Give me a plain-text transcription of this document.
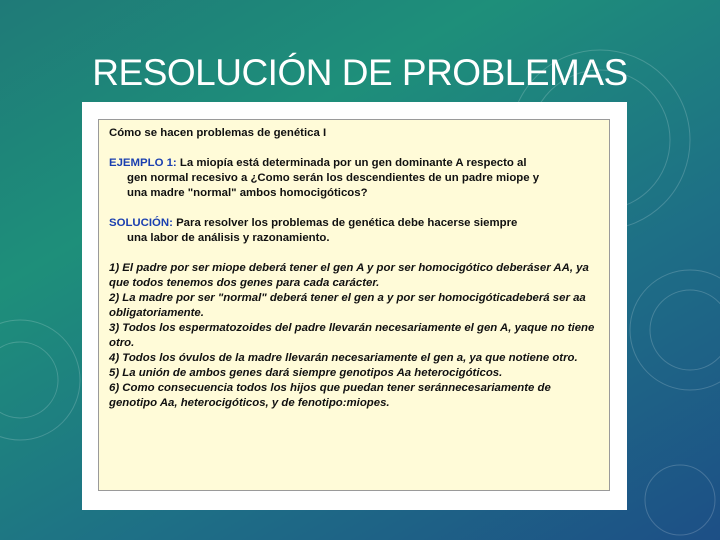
RESOLUCIÓN DE PROBLEMAS

Cómo se hacen problemas de genética I

EJEMPLO 1: La miopía está determinada por un gen dominante A respecto al

gen normal recesivo a ¿Como serán los descendientes de un padre miope y

una madre "normal" ambos homocigóticos?

SOLUCIÓN: Para resolver los problemas de genética debe hacerse siempre

una labor de análisis y razonamiento.

1) El padre por ser miope deberá tener el gen A y por ser homocigótico deberáser AA, ya que todos tenemos dos genes para cada carácter.

2) La madre por ser "normal" deberá tener el gen a y por ser homocigóticadeberá ser aa obligatoriamente.

3) Todos los espermatozoides del padre llevarán necesariamente el gen A, yaque no tiene otro.

4) Todos los óvulos de la madre llevarán necesariamente el gen a, ya que notiene otro.

5) La unión de ambos genes dará siempre genotipos Aa heterocigóticos.

6) Como consecuencia todos los hijos que puedan tener seránnecesariamente de genotipo Aa, heterocigóticos, y de fenotipo:miopes.
